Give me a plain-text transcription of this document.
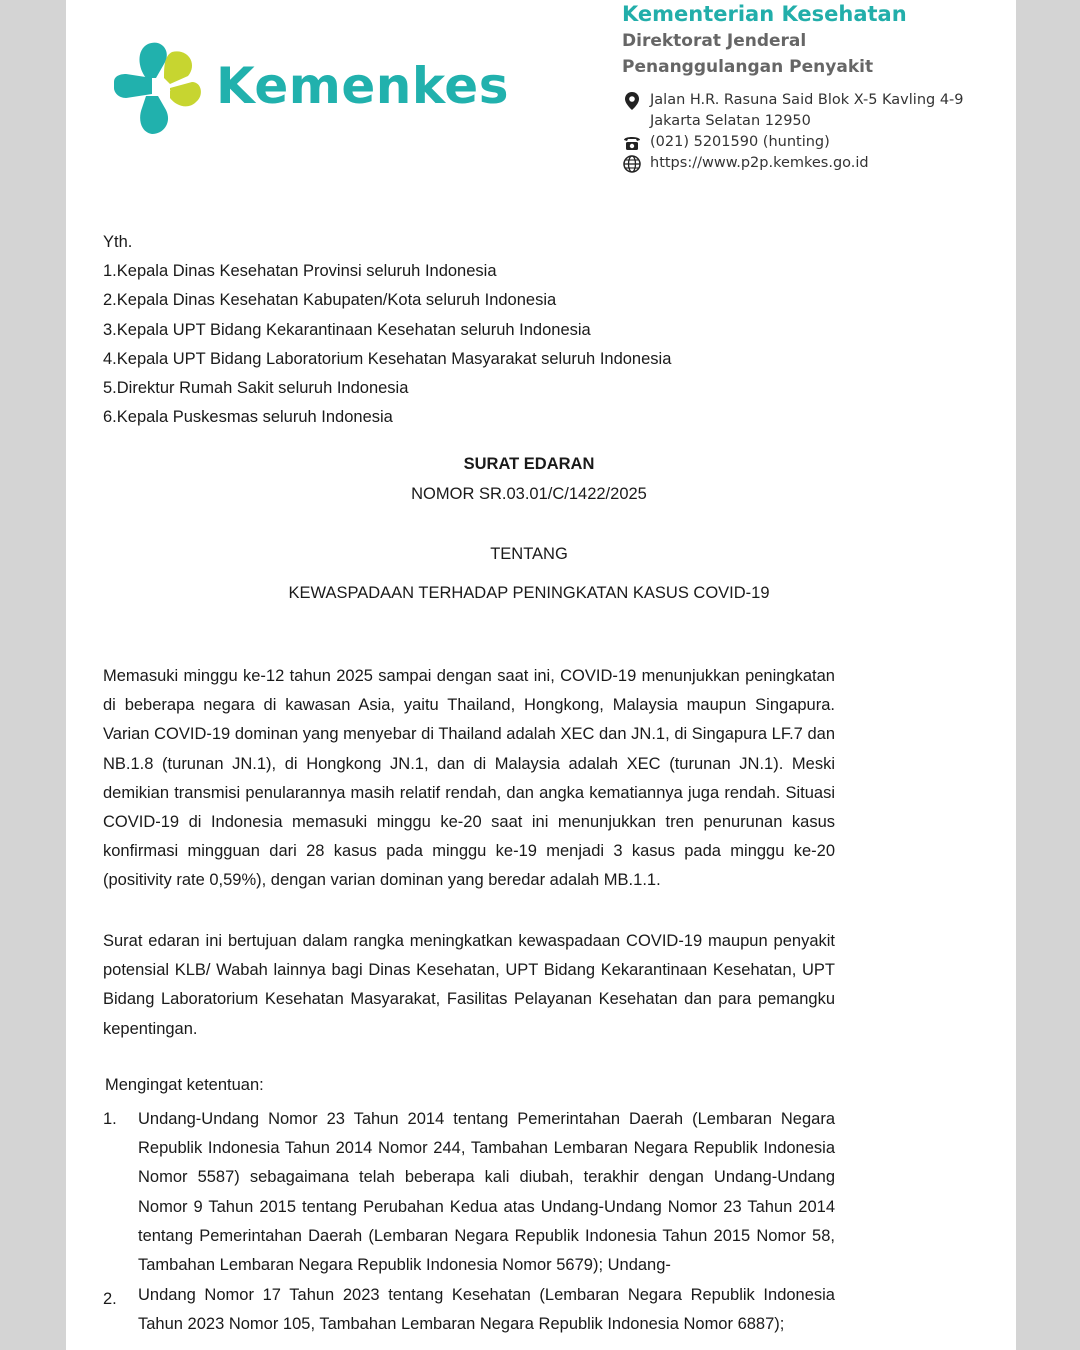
Kemenkes
Kementerian Kesehatan
Direktorat Jenderal
Penanggulangan Penyakit
Jalan H.R. Rasuna Said Blok X-5 Kavling 4-9
Jakarta Selatan 12950
(021) 5201590 (hunting)
https://www.p2p.kemkes.go.id
Yth.
1.Kepala Dinas Kesehatan Provinsi seluruh Indonesia
2.Kepala Dinas Kesehatan Kabupaten/Kota seluruh Indonesia
3.Kepala UPT Bidang Kekarantinaan Kesehatan seluruh Indonesia
4.Kepala UPT Bidang Laboratorium Kesehatan Masyarakat seluruh Indonesia
5.Direktur Rumah Sakit seluruh Indonesia
6.Kepala Puskesmas seluruh Indonesia
SURAT EDARAN
NOMOR SR.03.01/C/1422/2025
TENTANG
KEWASPADAAN TERHADAP PENINGKATAN KASUS COVID-19

Memasuki minggu ke-12 tahun 2025 sampai dengan saat ini, COVID-19 menunjukkan peningkatan di beberapa negara di kawasan Asia, yaitu Thailand, Hongkong, Malaysia maupun Singapura. Varian COVID-19 dominan yang menyebar di Thailand adalah XEC dan JN.1, di Singapura LF.7 dan NB.1.8 (turunan JN.1), di Hongkong JN.1, dan di Malaysia adalah XEC (turunan JN.1). Meski demikian transmisi penularannya masih relatif rendah, dan angka kematiannya juga rendah. Situasi COVID-19 di Indonesia memasuki minggu ke-20 saat ini menunjukkan tren penurunan kasus konfirmasi mingguan dari 28 kasus pada minggu ke-19 menjadi 3 kasus pada minggu ke-20 (positivity rate 0,59%), dengan varian dominan yang beredar adalah MB.1.1.

Surat edaran ini bertujuan dalam rangka meningkatkan kewaspadaan COVID-19 maupun penyakit potensial KLB/ Wabah lainnya bagi Dinas Kesehatan, UPT Bidang Kekarantinaan Kesehatan, UPT Bidang Laboratorium Kesehatan Masyarakat, Fasilitas Pelayanan Kesehatan dan para pemangku kepentingan.

Mengingat ketentuan:
1.	Undang-Undang Nomor 23 Tahun 2014 tentang Pemerintahan Daerah (Lembaran Negara Republik Indonesia Tahun 2014 Nomor 244, Tambahan Lembaran Negara Republik Indonesia Nomor 5587) sebagaimana telah beberapa kali diubah, terakhir dengan Undang-Undang Nomor 9 Tahun 2015 tentang Perubahan Kedua atas Undang-Undang Nomor 23 Tahun 2014 tentang Pemerintahan Daerah (Lembaran Negara Republik Indonesia Tahun 2015 Nomor 58, Tambahan Lembaran Negara Republik Indonesia Nomor 5679); Undang-
2.	Undang Nomor 17 Tahun 2023 tentang Kesehatan (Lembaran Negara Republik Indonesia Tahun 2023 Nomor 105, Tambahan Lembaran Negara Republik Indonesia Nomor 6887);
